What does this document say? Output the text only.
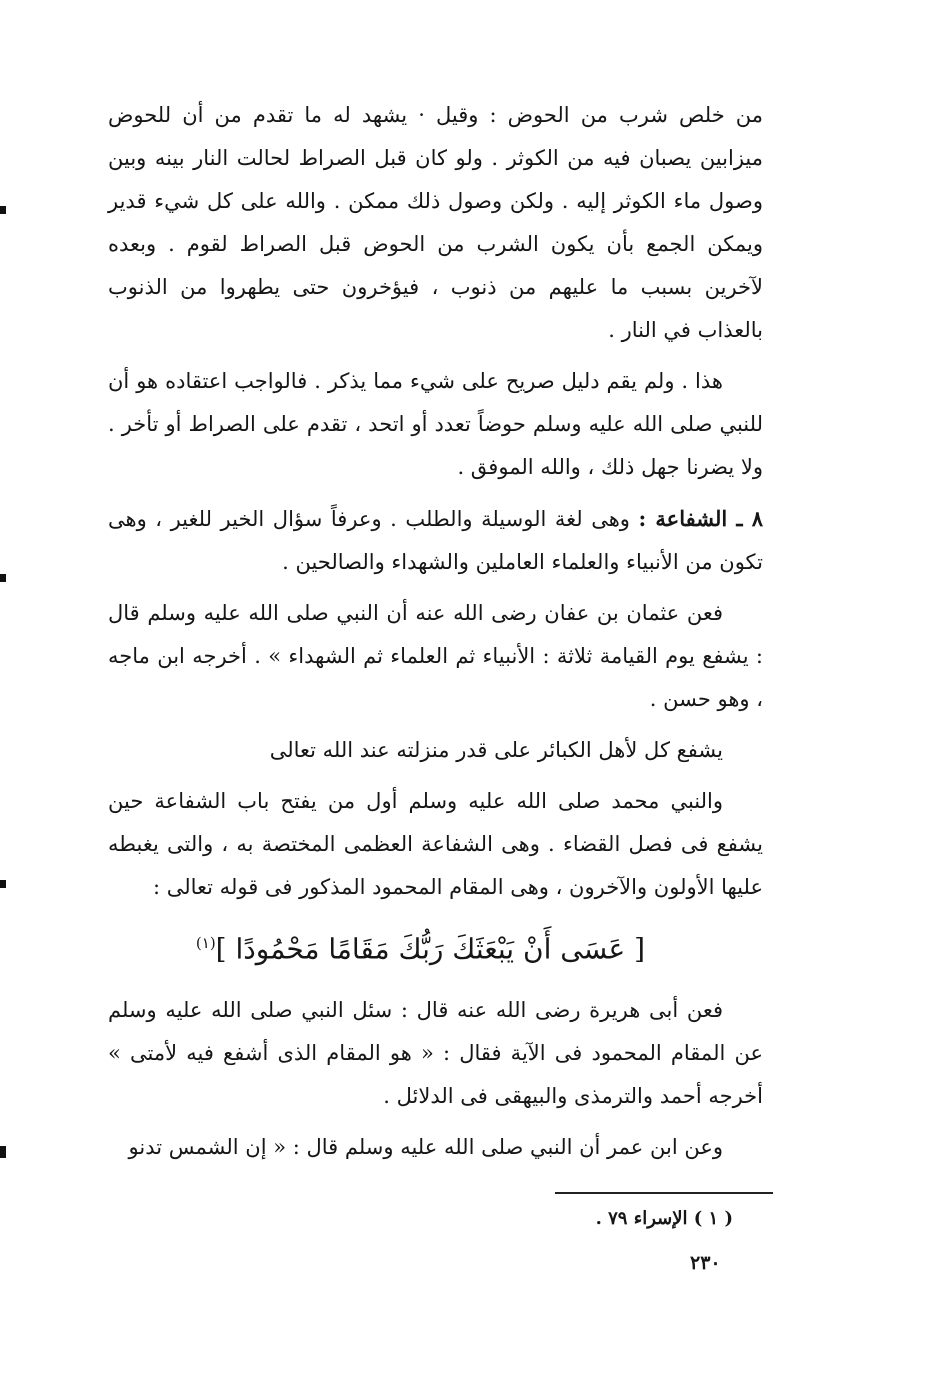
من خلص شرب من الحوض : وقيل · يشهد له ما تقدم من أن للحوض ميزابين يصبان فيه من الكوثر . ولو كان قبل الصراط لحالت النار بينه وبين وصول ماء الكوثر إليه . ولكن وصول ذلك ممكن . والله على كل شيء قدير ويمكن الجمع بأن يكون الشرب من الحوض قبل الصراط لقوم . وبعده لآخرين بسبب ما عليهم من ذنوب ، فيؤخرون حتى يطهروا من الذنوب بالعذاب في النار .

هذا . ولم يقم دليل صريح على شيء مما يذكر . فالواجب اعتقاده هو أن للنبي صلى الله عليه وسلم حوضاً تعدد أو اتحد ، تقدم على الصراط أو تأخر . ولا يضرنا جهل ذلك ، والله الموفق .

٨ ـ الشفاعة : وهى لغة الوسيلة والطلب . وعرفاً سؤال الخير للغير ، وهى تكون من الأنبياء والعلماء العاملين والشهداء والصالحين .

فعن عثمان بن عفان رضى الله عنه أن النبي صلى الله عليه وسلم قال : يشفع يوم القيامة ثلاثة : الأنبياء ثم العلماء ثم الشهداء » . أخرجه ابن ماجه ، وهو حسن .

يشفع كل لأهل الكبائر على قدر منزلته عند الله تعالى

والنبي محمد صلى الله عليه وسلم أول من يفتح باب الشفاعة حين يشفع فى فصل القضاء . وهى الشفاعة العظمى المختصة به ، والتى يغبطه عليها الأولون والآخرون ، وهى المقام المحمود المذكور فى قوله تعالى :

[ عَسَى أَنْ يَبْعَثَكَ رَبُّكَ مَقَامًا مَحْمُودًا ]$^{(١)}$

فعن أبى هريرة رضى الله عنه قال : سئل النبي صلى الله عليه وسلم عن المقام المحمود فى الآية فقال : « هو المقام الذى أشفع فيه لأمتى » أخرجه أحمد والترمذى والبيهقى فى الدلائل .

وعن ابن عمر أن النبي صلى الله عليه وسلم قال : « إن الشمس تدنو

( ١ ) الإسراء ٧٩ .
٢٣٠
